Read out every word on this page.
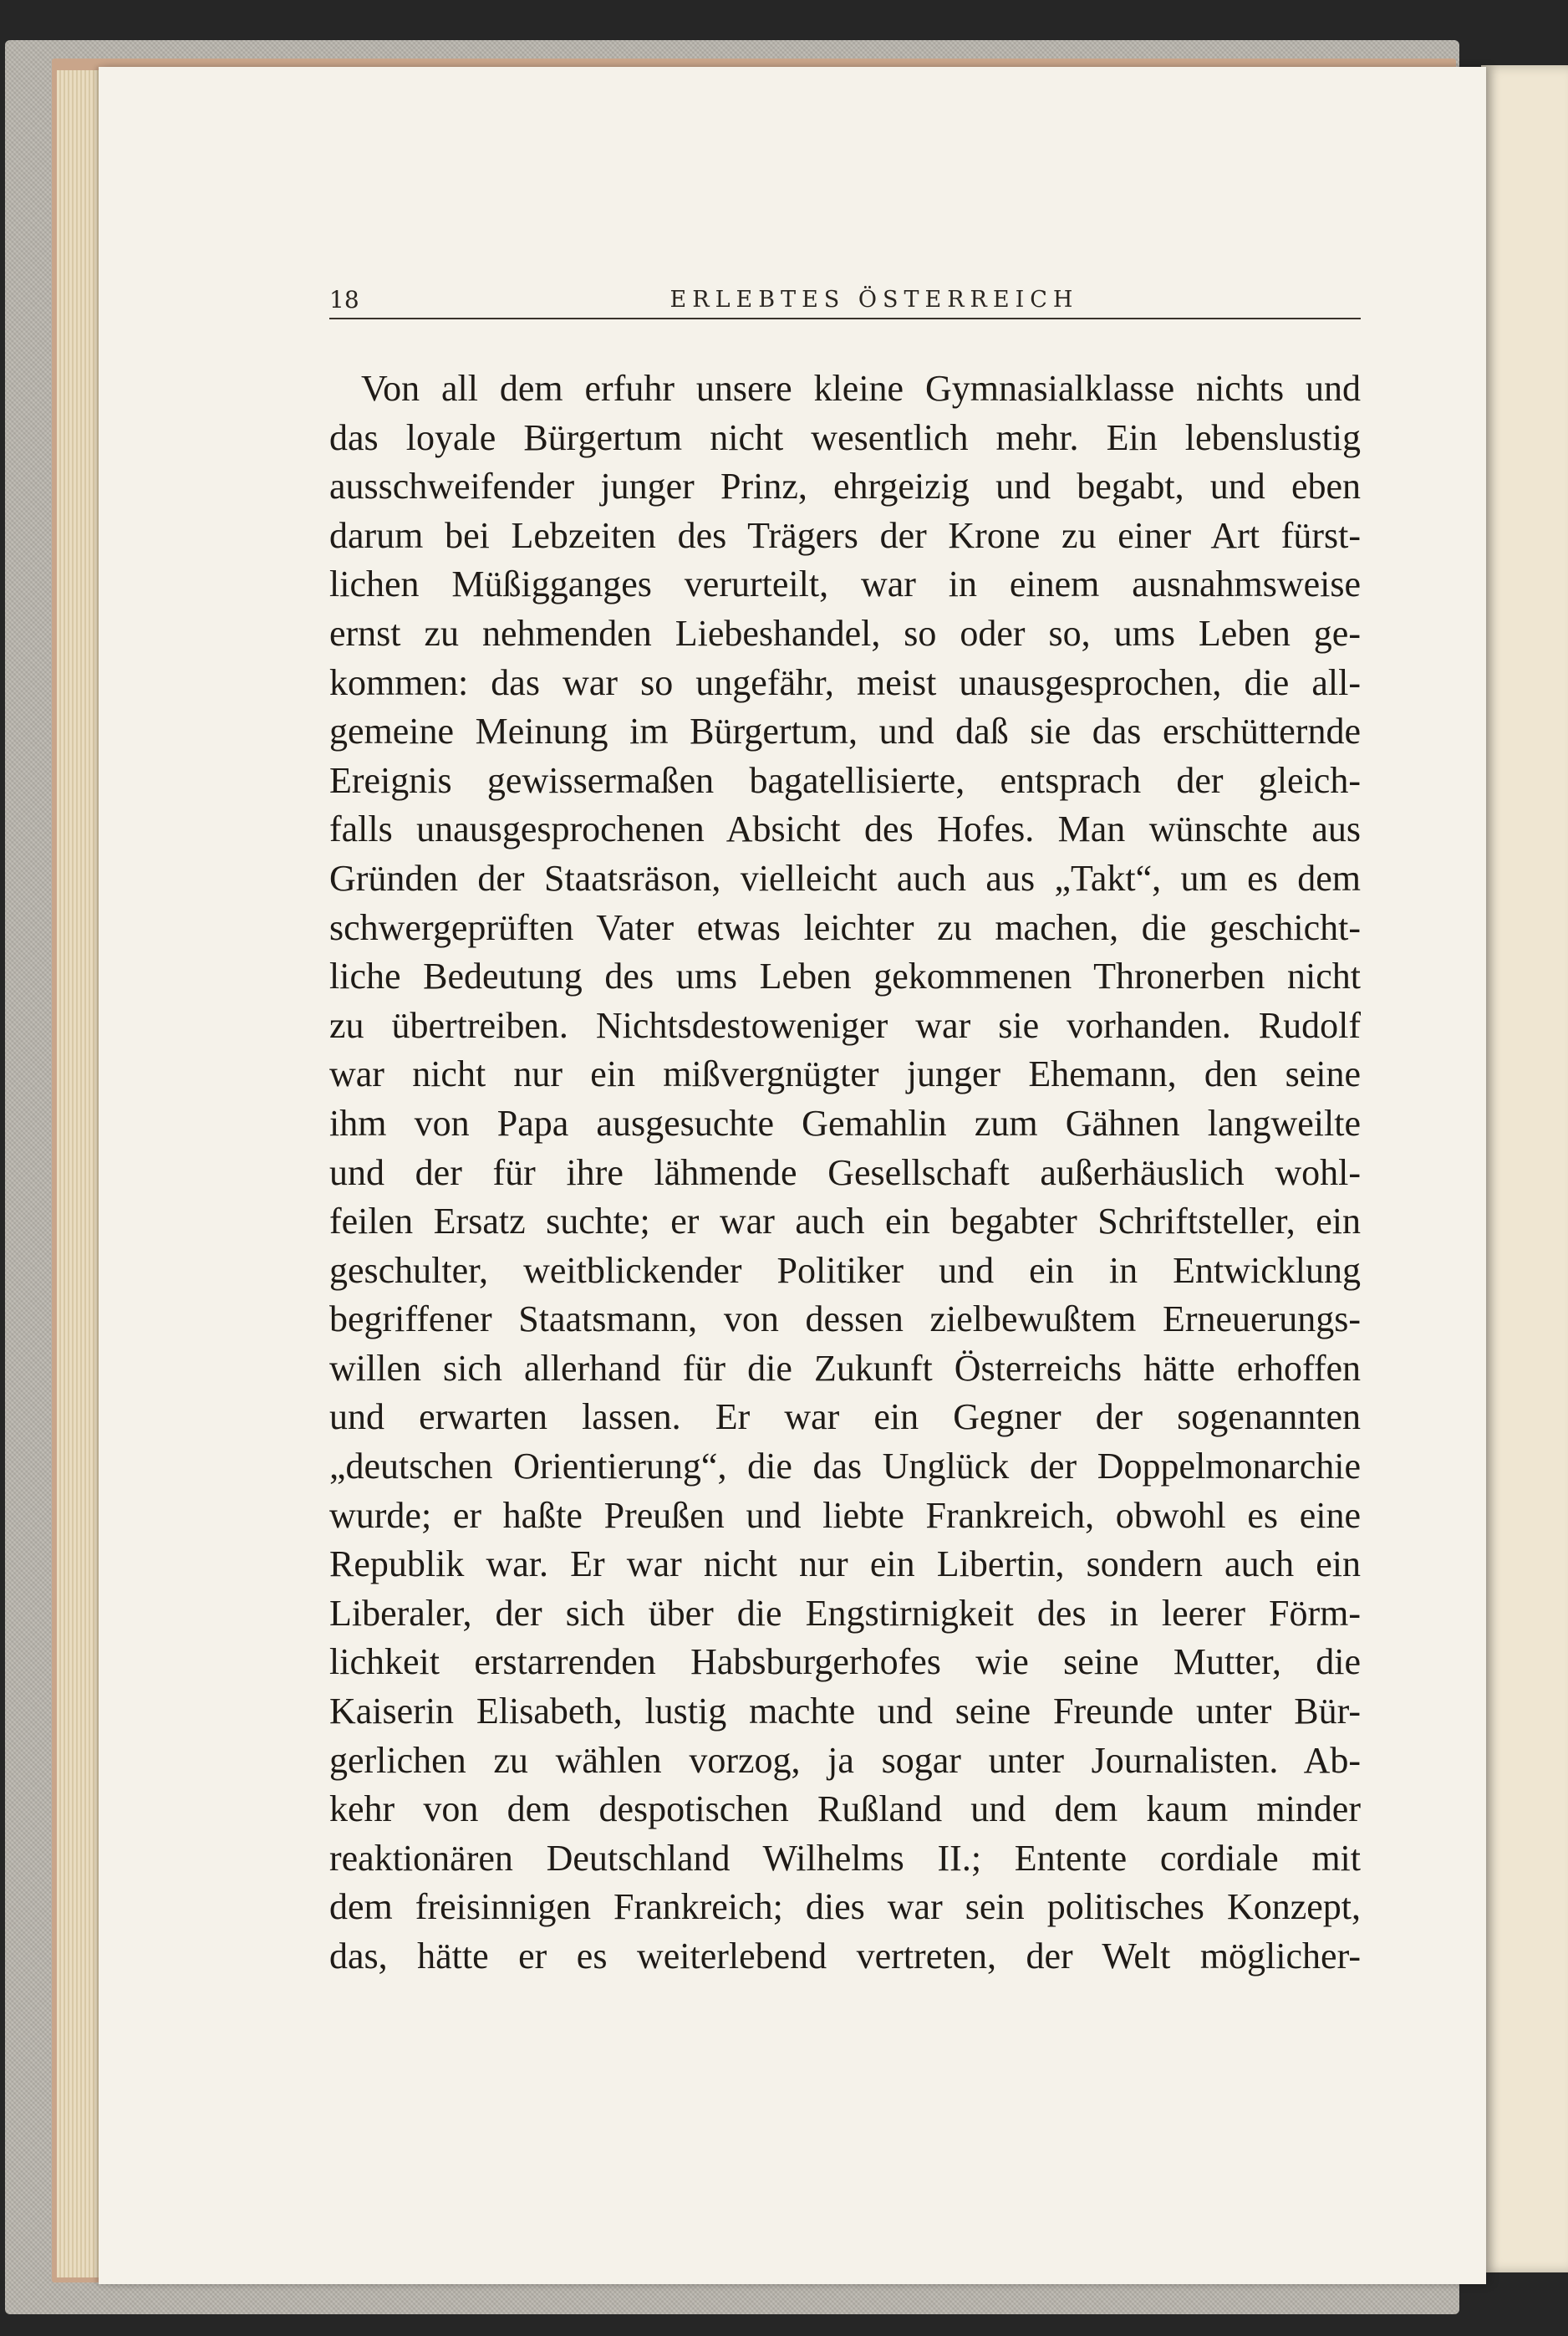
18	ERLEBTES ÖSTERREICH
Von all dem erfuhr unsere kleine Gymnasialklasse nichts und
das loyale Bürgertum nicht wesentlich mehr. Ein lebenslustig
ausschweifender junger Prinz, ehrgeizig und begabt, und eben
darum bei Lebzeiten des Trägers der Krone zu einer Art fürst-
lichen Müßigganges verurteilt, war in einem ausnahmsweise
ernst zu nehmenden Liebeshandel, so oder so, ums Leben ge-
kommen: das war so ungefähr, meist unausgesprochen, die all-
gemeine Meinung im Bürgertum, und daß sie das erschütternde
Ereignis gewissermaßen bagatellisierte, entsprach der gleich-
falls unausgesprochenen Absicht des Hofes. Man wünschte aus
Gründen der Staatsräson, vielleicht auch aus „Takt“, um es dem
schwergeprüften Vater etwas leichter zu machen, die geschicht-
liche Bedeutung des ums Leben gekommenen Thronerben nicht
zu übertreiben. Nichtsdestoweniger war sie vorhanden. Rudolf
war nicht nur ein mißvergnügter junger Ehemann, den seine
ihm von Papa ausgesuchte Gemahlin zum Gähnen langweilte
und der für ihre lähmende Gesellschaft außerhäuslich wohl-
feilen Ersatz suchte; er war auch ein begabter Schriftsteller, ein
geschulter, weitblickender Politiker und ein in Entwicklung
begriffener Staatsmann, von dessen zielbewußtem Erneuerungs-
willen sich allerhand für die Zukunft Österreichs hätte erhoffen
und erwarten lassen. Er war ein Gegner der sogenannten
„deutschen Orientierung“, die das Unglück der Doppelmonarchie
wurde; er haßte Preußen und liebte Frankreich, obwohl es eine
Republik war. Er war nicht nur ein Libertin, sondern auch ein
Liberaler, der sich über die Engstirnigkeit des in leerer Förm-
lichkeit erstarrenden Habsburgerhofes wie seine Mutter, die
Kaiserin Elisabeth, lustig machte und seine Freunde unter Bür-
gerlichen zu wählen vorzog, ja sogar unter Journalisten. Ab-
kehr von dem despotischen Rußland und dem kaum minder
reaktionären Deutschland Wilhelms II.; Entente cordiale mit
dem freisinnigen Frankreich; dies war sein politisches Konzept,
das, hätte er es weiterlebend vertreten, der Welt möglicher-
